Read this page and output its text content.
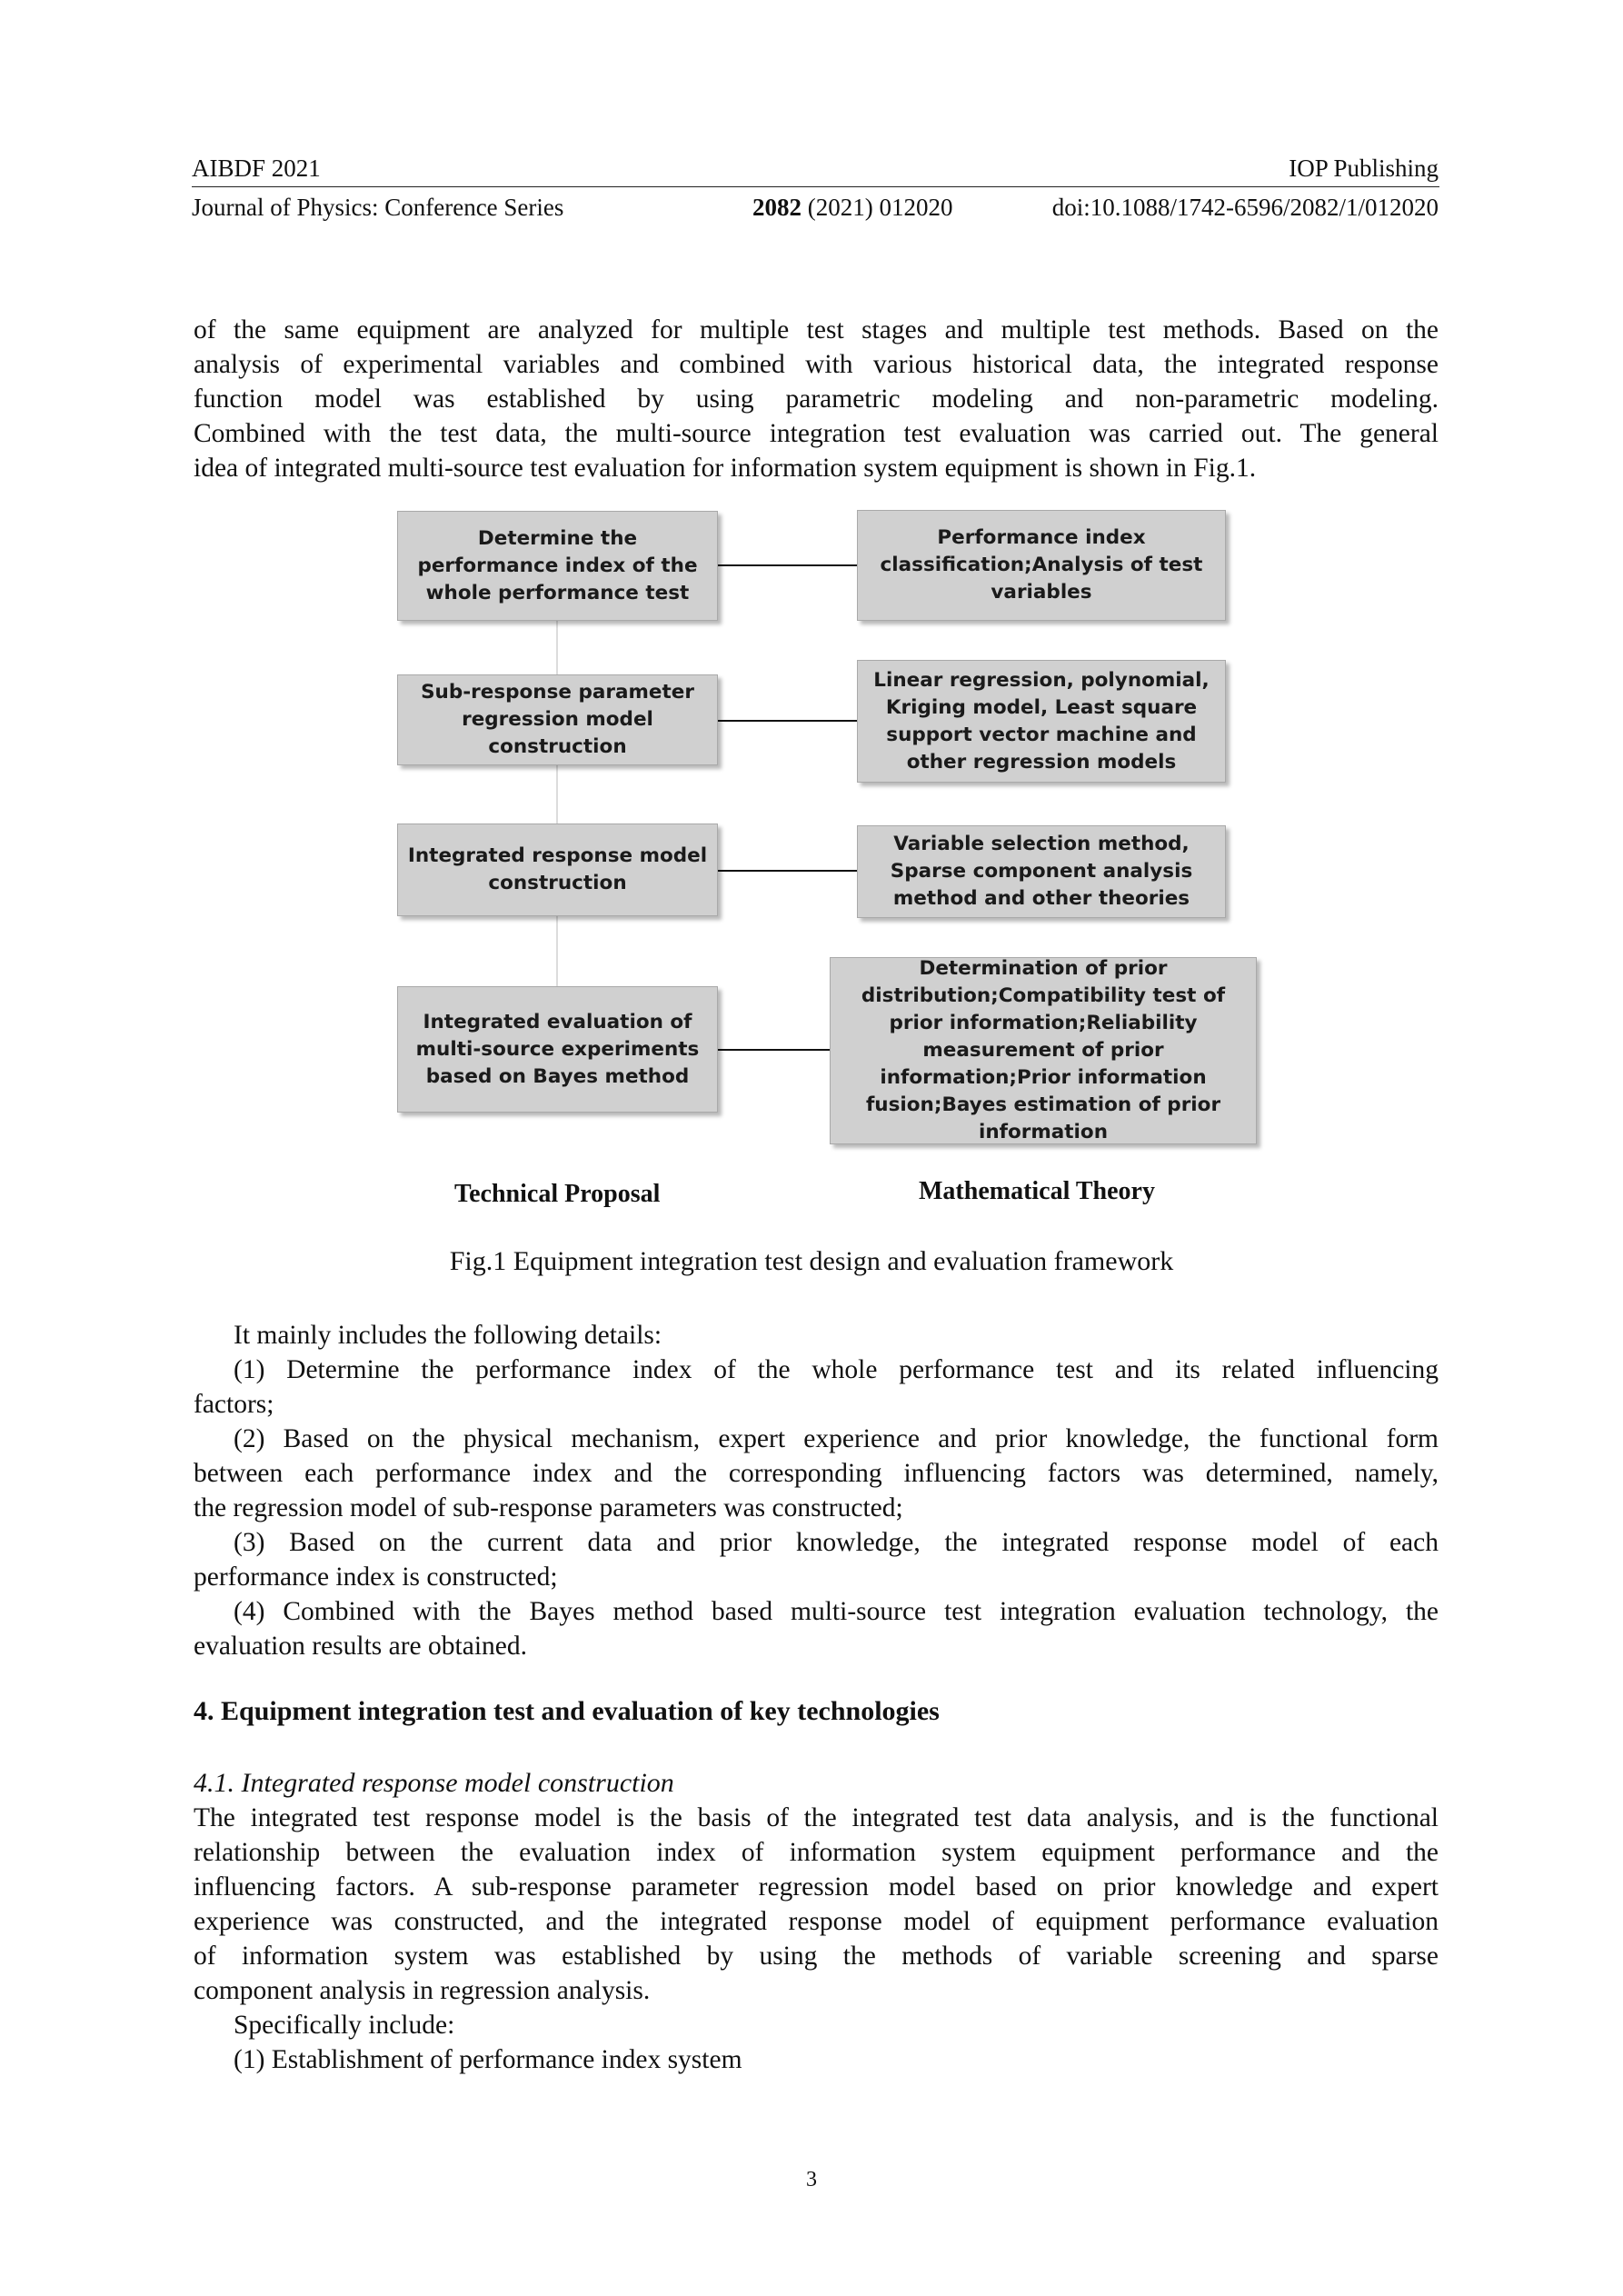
AIBDF 2021	IOP Publishing
Journal of Physics: Conference Series	2082 (2021) 012020	doi:10.1088/1742-6596/2082/1/012020
of the same equipment are analyzed for multiple test stages and multiple test methods. Based on the
analysis of experimental variables and combined with various historical data, the integrated response
function model was established by using parametric modeling and non-parametric modeling.
Combined with the test data, the multi-source integration test evaluation was carried out. The general
idea of integrated multi-source test evaluation for information system equipment is shown in Fig.1.
Determine the performance index of the whole performance test
Sub-response parameter regression model construction
Integrated response model construction
Integrated evaluation of multi-source experiments based on Bayes method
Performance index classification;Analysis of test variables
Linear regression, polynomial, Kriging model, Least square support vector machine and other regression models
Variable selection method, Sparse component analysis method and other theories
Determination of prior distribution;Compatibility test of prior information;Reliability measurement of prior information;Prior information fusion;Bayes estimation of prior information
Technical Proposal	Mathematical Theory
Fig.1 Equipment integration test design and evaluation framework
It mainly includes the following details:
(1) Determine the performance index of the whole performance test and its related influencing
factors;
(2) Based on the physical mechanism, expert experience and prior knowledge, the functional form
between each performance index and the corresponding influencing factors was determined, namely,
the regression model of sub-response parameters was constructed;
(3) Based on the current data and prior knowledge, the integrated response model of each
performance index is constructed;
(4) Combined with the Bayes method based multi-source test integration evaluation technology, the
evaluation results are obtained.
4. Equipment integration test and evaluation of key technologies
4.1. Integrated response model construction
The integrated test response model is the basis of the integrated test data analysis, and is the functional
relationship between the evaluation index of information system equipment performance and the
influencing factors. A sub-response parameter regression model based on prior knowledge and expert
experience was constructed, and the integrated response model of equipment performance evaluation
of information system was established by using the methods of variable screening and sparse
component analysis in regression analysis.
Specifically include:
(1) Establishment of performance index system
3
